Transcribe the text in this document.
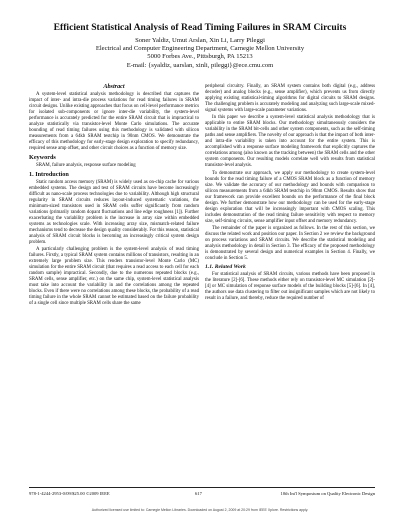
Efficient Statistical Analysis of Read Timing Failures in SRAM Circuits
Soner Yaldiz, Umut Arslan, Xin Li, Larry Pileggi
Electrical and Computer Engineering Department, Carnegie Mellon University
5000 Forbes Ave., Pittsburgh, PA 15213
E-mail: {syaldiz, uarslan, xinli, pileggi}@ece.cmu.com
Abstract

A system-level statistical analysis methodology is described that captures the impact of inter- and intra-die process variations for read timing failures in SRAM circuit designs. Unlike existing approaches that focus on cell-level performance metrics for isolated sub-components or ignore inter-die variability, the system-level performance is accurately predicted for the entire SRAM circuit that is impractical to analyze statistically via transistor-level Monte Carlo simulations. The accurate bounding of read timing failures using this methodology is validated with silicon measurements from a 64kb SRAM testchip in 90nm CMOS. We demonstrate the efficacy of this methodology for early-stage design exploration to specify redundancy, required sense amp offset, and other circuit choices as a function of memory size.

Keywords

SRAM, failure analysis, response surface modeling

1. Introduction

Static random access memory (SRAM) is widely used as on-chip cache for various embedded systems. The design and test of SRAM circuits have become increasingly difficult as nano-scale process technologies due to variability. Although high structural regularity in SRAM circuits reduces layout-induced systematic variations, the minimum-sized transistors used in SRAM cells suffer significantly from random variations (primarily random dopant fluctuations and line edge roughness [1]). Further exacerbating the variability problem is the increase in array size within embedded systems as technologies scale. With increasing array size, mismatch-related failure mechanisms tend to decrease the design quality considerably. For this reason, statistical analysis of SRAM circuit blocks is becoming an increasingly critical system design problem.

A particularly challenging problem is the system-level analysis of read timing failures. Firstly, a typical SRAM system contains millions of transistors, resulting in an extremely large problem size. This renders transistor-level Monte Carlo (MC) simulation for the entire SRAM circuit (that requires a read access to each cell for each random sample) impractical. Secondly, due to the numerous repeated blocks (e.g., SRAM cells, sense amplifier, etc.) on the same chip, system-level statistical analysis must take into account the variability in and the correlations among the repeated blocks. Even if there were no correlations among these blocks, the probability of a read timing failure in the whole SRAM cannot be estimated based on the failure probability of a single cell since multiple SRAM cells share the same

peripheral circuitry. Finally, an SRAM system contains both digital (e.g., address decoder) and analog blocks (e.g., sense amplifier), which prevents us from directly applying existing statistical-timing algorithms for digital circuits to SRAM designs. The challenging problem is accurately modeling and analyzing such large-scale mixed-signal systems with large-scale parameter variations.

In this paper we describe a system-level statistical analysis methodology that is applicable to entire SRAM blocks. Our methodology simultaneously considers the variability in the SRAM bit-cells and other system components, such as the self-timing paths and sense amplifiers. The novelty of our approach is that the impact of both inter- and intra-die variability is taken into account for the entire system. This is accomplished with a response surface modeling framework that explicitly captures the correlations among (also known as the tracking between) the SRAM cells and the other system components. Our resulting models correlate well with results from statistical transistor-level analysis.

To demonstrate our approach, we apply our methodology to create system-level bounds for the read timing failure of a CMOS SRAM block as a function of memory size. We validate the accuracy of our methodology and bounds with comparison to silicon measurements from a 64kb SRAM testchip in 90nm CMOS. Results show that our framework can provide excellent bounds on the performance of the final block design. We further demonstrate how our methodology can be used for the early-stage design exploration that will be increasingly important with CMOS scaling. This includes demonstration of the read timing failure sensitivity with respect to memory size, self-timing circuits, sense amplifier input offset and memory redundancy.

The remainder of the paper is organized as follows. In the rest of this section, we discuss the related work and position our paper. In Section 2 we review the background on process variations and SRAM circuits. We describe the statistical modeling and analysis methodology in detail in Section 3. The efficacy of the proposed methodology is demonstrated by several design and numerical examples in Section 4. Finally, we conclude in Section 5.

1.1. Related Work

For statistical analysis of SRAM circuits, various methods have been proposed in the literature [2]-[6]. These methods either rely on transistor-level MC simulation [2]-[4] or MC simulation of response surface models of the building blocks [5]-[6]. In [4], the authors use data clustering to filter out insignificant samples which are not likely to result in a failure, and thereby, reduce the required number of

978-1-4244-2953-0/09/$25.00 ©2009 IEEE	617	10th Int'l Symposium on Quality Electronic Design
Authorized licensed use limited to: Carnegie Mellon Libraries. Downloaded on August 2, 2009 at 20:29 from IEEE Xplore. Restrictions apply.
